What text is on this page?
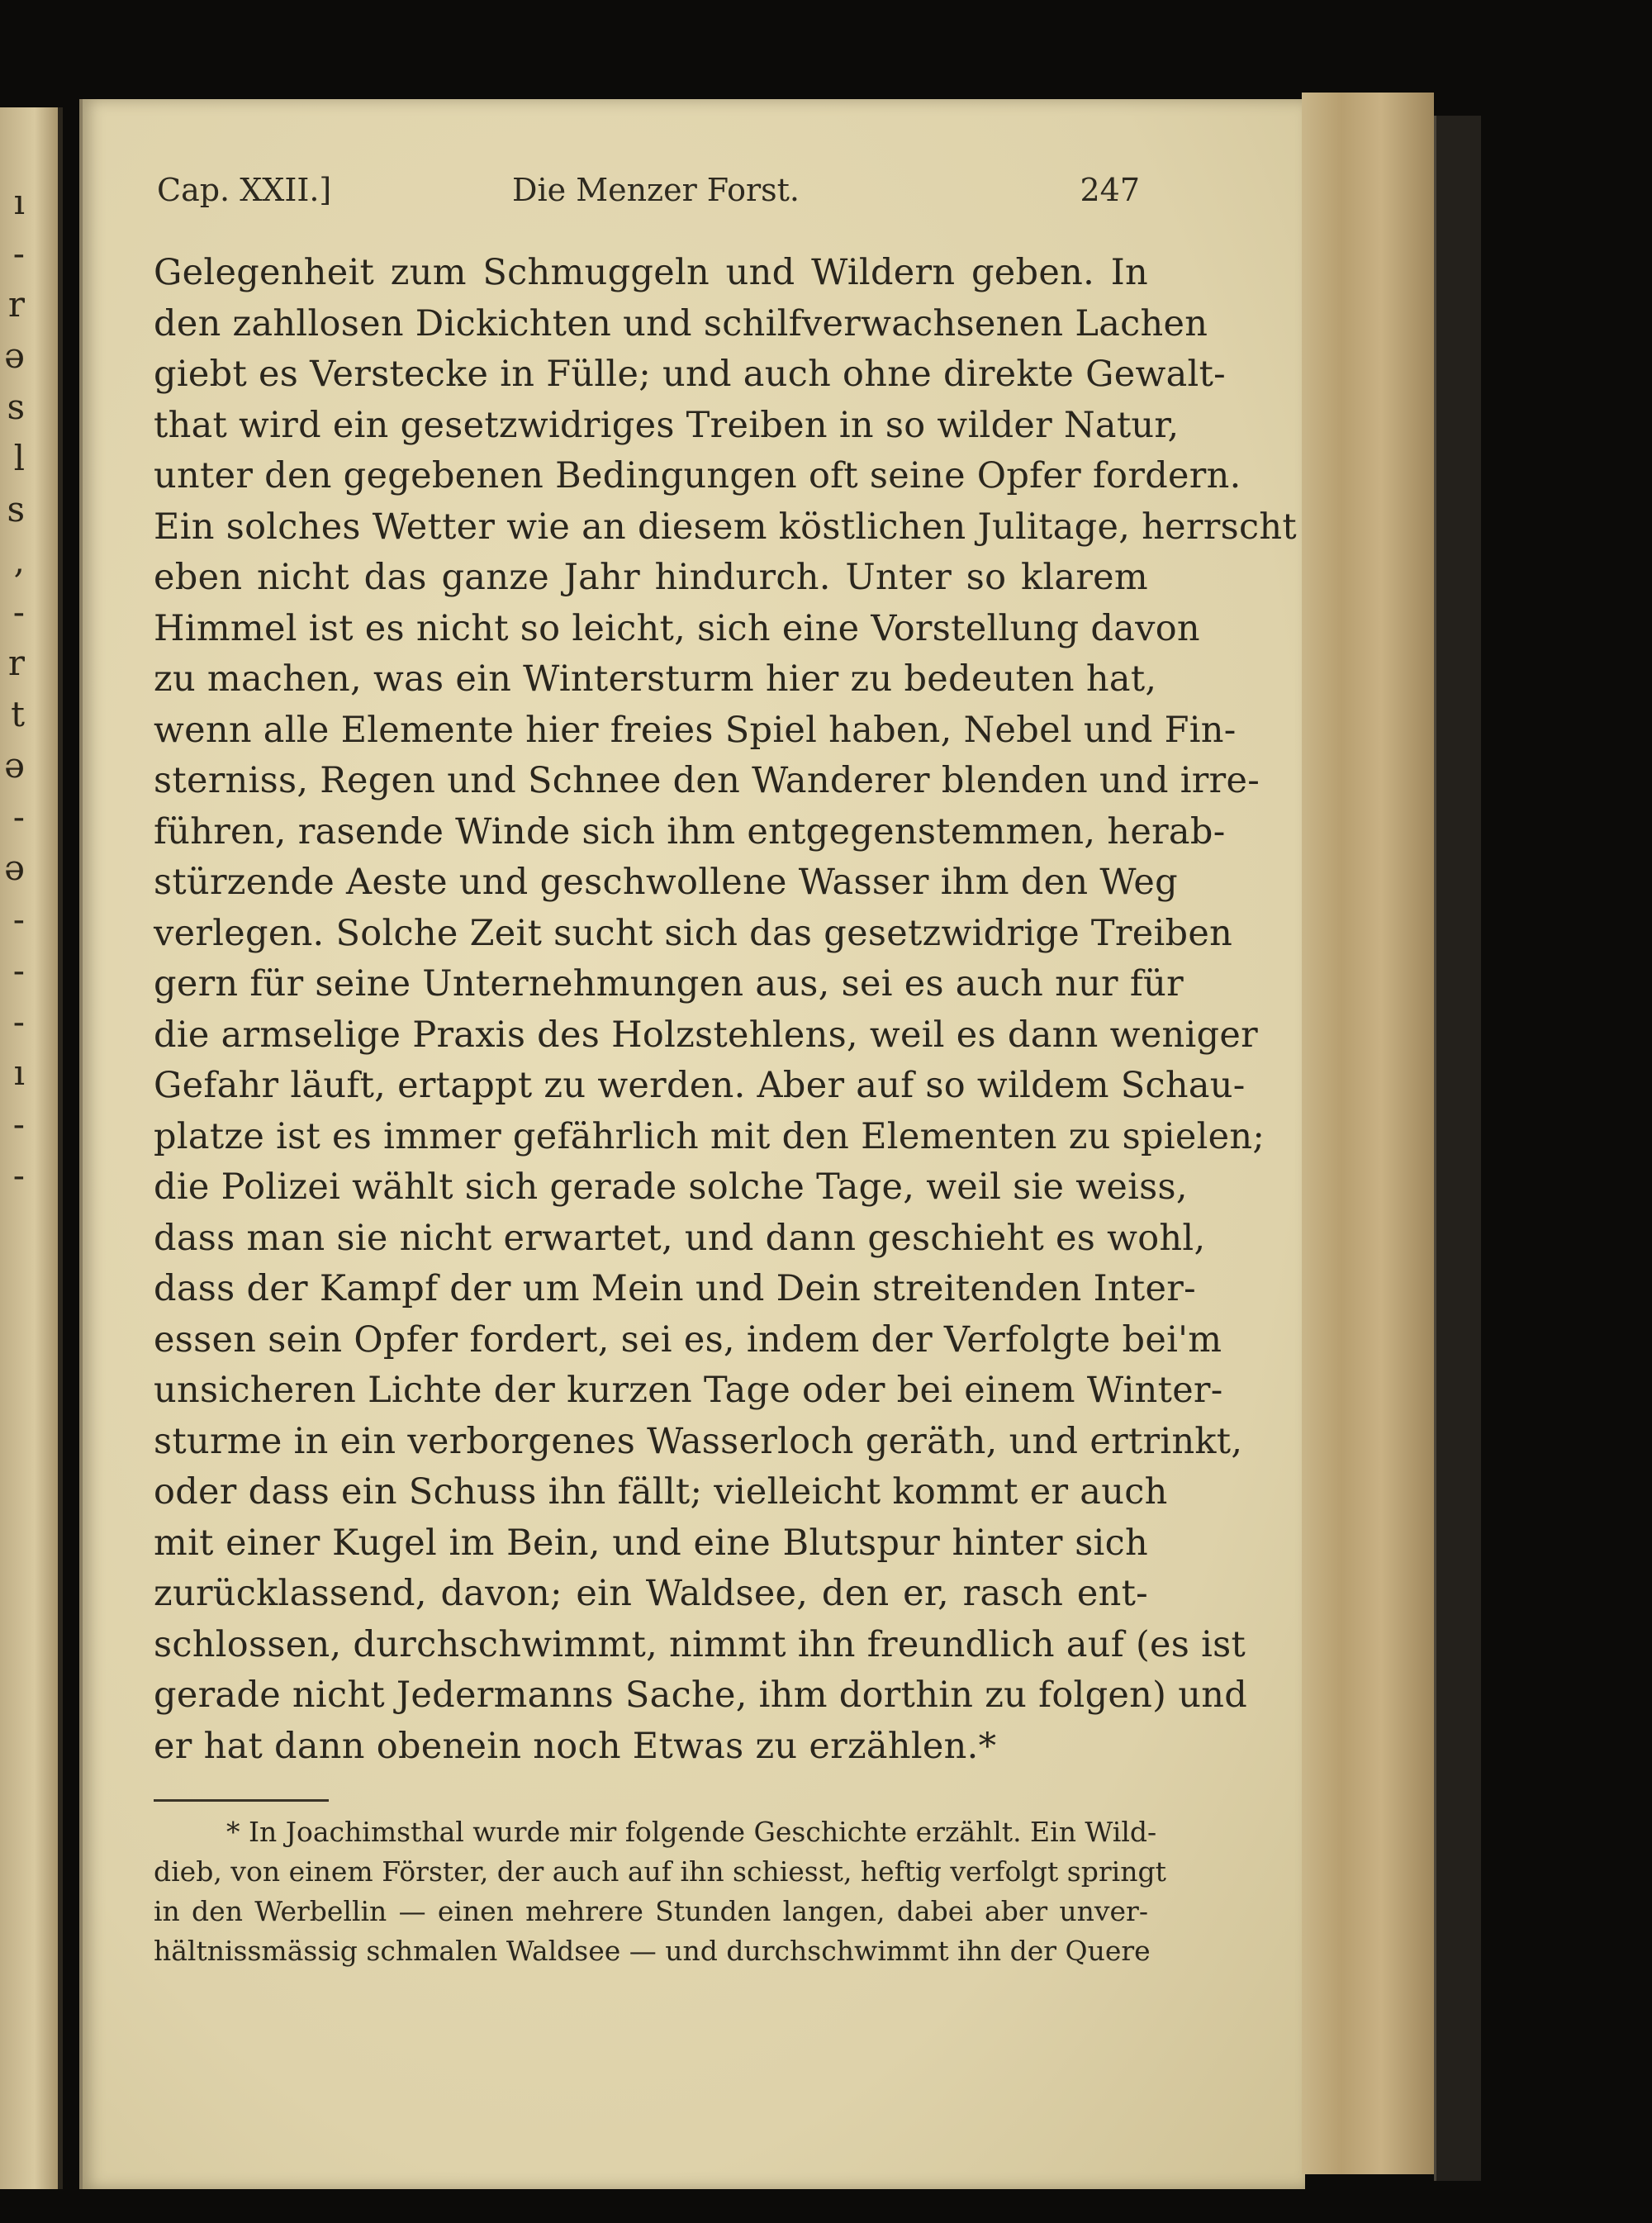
ı
-
r
ə
s
l
s
,
-
r
t
ə
-
ə
-
-
-
ı
-
-
Cap. XXII.]	Die Menzer Forst.	247
Gelegenheit zum Schmuggeln und Wildern geben. In
den zahllosen Dickichten und schilfverwachsenen Lachen
giebt es Verstecke in Fülle; und auch ohne direkte Gewalt-
that wird ein gesetzwidriges Treiben in so wilder Natur,
unter den gegebenen Bedingungen oft seine Opfer fordern.
Ein solches Wetter wie an diesem köstlichen Julitage, herrscht
eben nicht das ganze Jahr hindurch. Unter so klarem
Himmel ist es nicht so leicht, sich eine Vorstellung davon
zu machen, was ein Wintersturm hier zu bedeuten hat,
wenn alle Elemente hier freies Spiel haben, Nebel und Fin-
sterniss, Regen und Schnee den Wanderer blenden und irre-
führen, rasende Winde sich ihm entgegenstemmen, herab-
stürzende Aeste und geschwollene Wasser ihm den Weg
verlegen. Solche Zeit sucht sich das gesetzwidrige Treiben
gern für seine Unternehmungen aus, sei es auch nur für
die armselige Praxis des Holzstehlens, weil es dann weniger
Gefahr läuft, ertappt zu werden. Aber auf so wildem Schau-
platze ist es immer gefährlich mit den Elementen zu spielen;
die Polizei wählt sich gerade solche Tage, weil sie weiss,
dass man sie nicht erwartet, und dann geschieht es wohl,
dass der Kampf der um Mein und Dein streitenden Inter-
essen sein Opfer fordert, sei es, indem der Verfolgte bei'm
unsicheren Lichte der kurzen Tage oder bei einem Winter-
sturme in ein verborgenes Wasserloch geräth, und ertrinkt,
oder dass ein Schuss ihn fällt; vielleicht kommt er auch
mit einer Kugel im Bein, und eine Blutspur hinter sich
zurücklassend, davon; ein Waldsee, den er, rasch ent-
schlossen, durchschwimmt, nimmt ihn freundlich auf (es ist
gerade nicht Jedermanns Sache, ihm dorthin zu folgen) und
er hat dann obenein noch Etwas zu erzählen.*
* In Joachimsthal wurde mir folgende Geschichte erzählt. Ein Wild-
dieb, von einem Förster, der auch auf ihn schiesst, heftig verfolgt springt
in den Werbellin — einen mehrere Stunden langen, dabei aber unver-
hältnissmässig schmalen Waldsee — und durchschwimmt ihn der Quere
